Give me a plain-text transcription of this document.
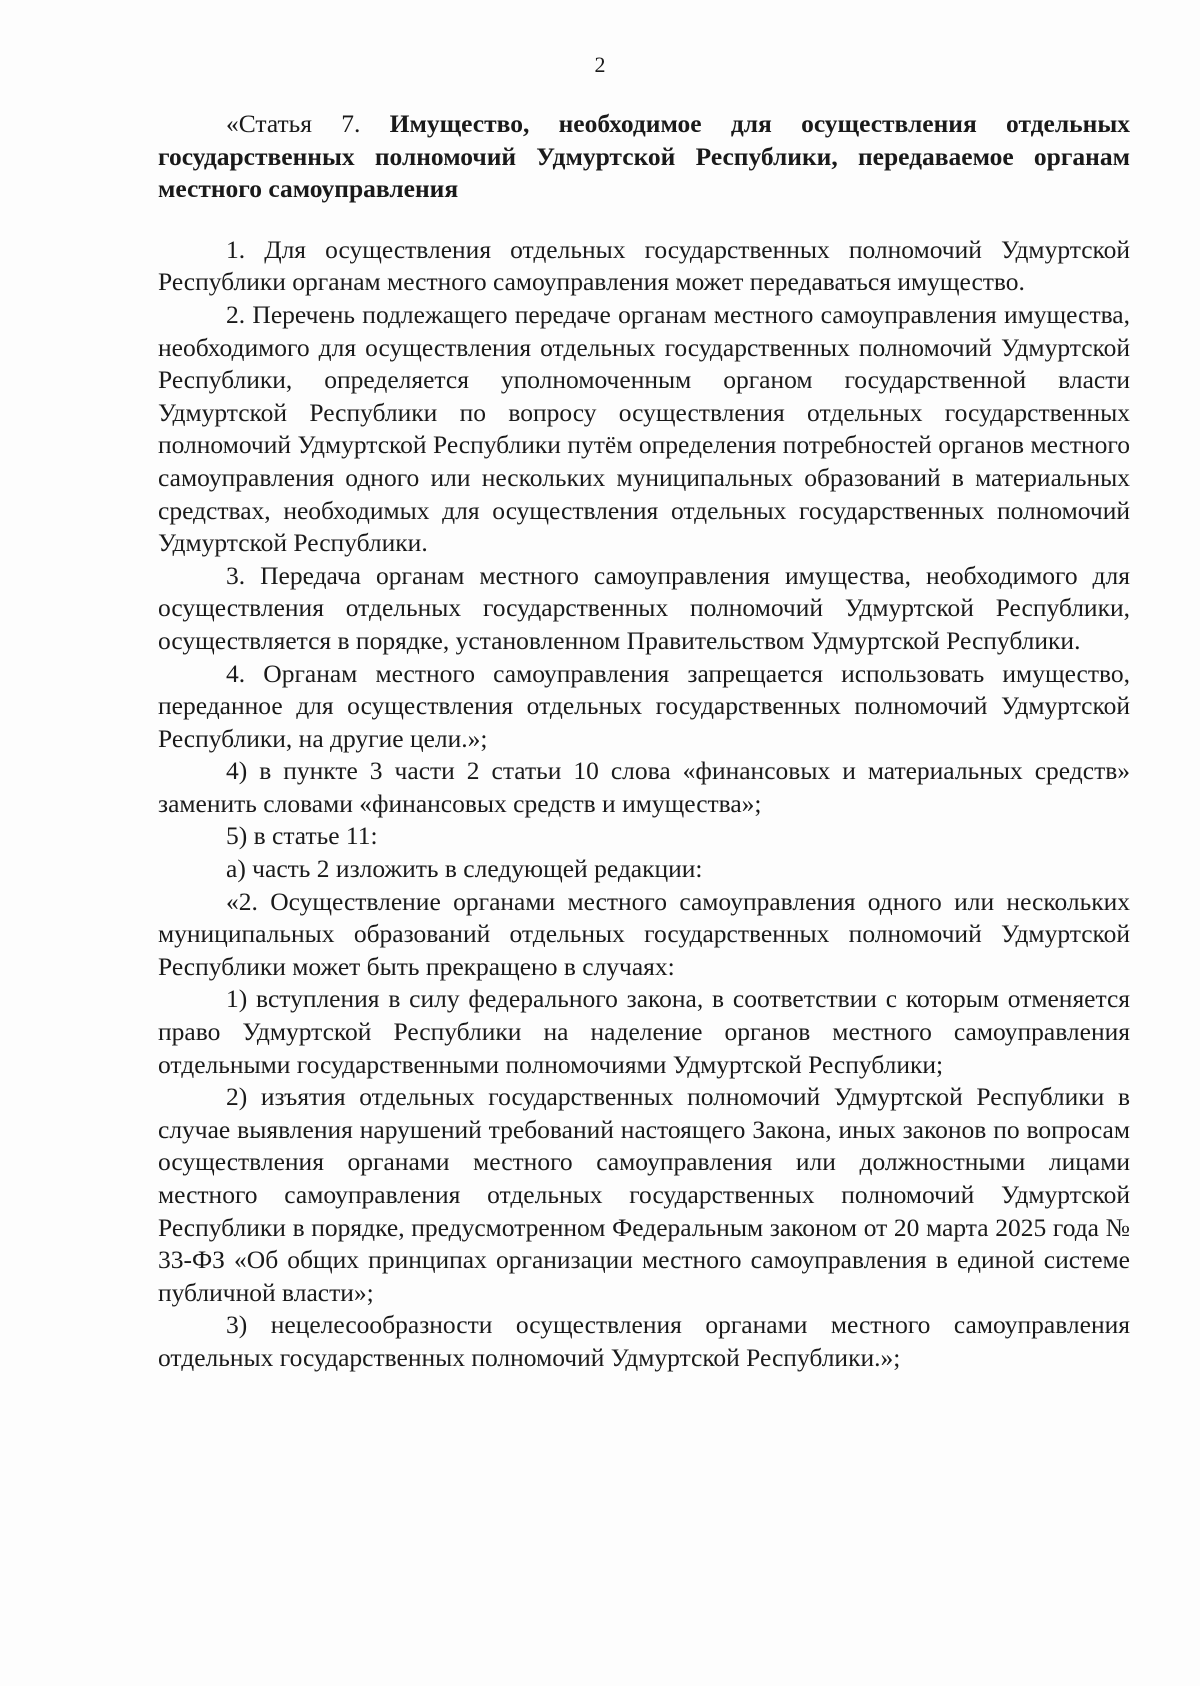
2

«Статья 7. Имущество, необходимое для осуществления отдельных государственных полномочий Удмуртской Республики, передаваемое органам местного самоуправления

1. Для осуществления отдельных государственных полномочий Удмуртской Республики органам местного самоуправления может передаваться имущество.

2. Перечень подлежащего передаче органам местного самоуправления имущества, необходимого для осуществления отдельных государственных полномочий Удмуртской Республики, определяется уполномоченным органом государственной власти Удмуртской Республики по вопросу осуществления отдельных государственных полномочий Удмуртской Республики путём определения потребностей органов местного самоуправления одного или нескольких муниципальных образований в материальных средствах, необходимых для осуществления отдельных государственных полномочий Удмуртской Республики.

3. Передача органам местного самоуправления имущества, необходимого для осуществления отдельных государственных полномочий Удмуртской Республики, осуществляется в порядке, установленном Правительством Удмуртской Республики.

4. Органам местного самоуправления запрещается использовать имущество, переданное для осуществления отдельных государственных полномочий Удмуртской Республики, на другие цели.»;

4) в пункте 3 части 2 статьи 10 слова «финансовых и материальных средств» заменить словами «финансовых средств и имущества»;

5) в статье 11:

а) часть 2 изложить в следующей редакции:

«2. Осуществление органами местного самоуправления одного или нескольких муниципальных образований отдельных государственных полномочий Удмуртской Республики может быть прекращено в случаях:

1) вступления в силу федерального закона, в соответствии с которым отменяется право Удмуртской Республики на наделение органов местного самоуправления отдельными государственными полномочиями Удмуртской Республики;

2) изъятия отдельных государственных полномочий Удмуртской Республики в случае выявления нарушений требований настоящего Закона, иных законов по вопросам осуществления органами местного самоуправления или должностными лицами местного самоуправления отдельных государственных полномочий Удмуртской Республики в порядке, предусмотренном Федеральным законом от 20 марта 2025 года № 33-ФЗ «Об общих принципах организации местного самоуправления в единой системе публичной власти»;

3) нецелесообразности осуществления органами местного самоуправления отдельных государственных полномочий Удмуртской Республики.»;
